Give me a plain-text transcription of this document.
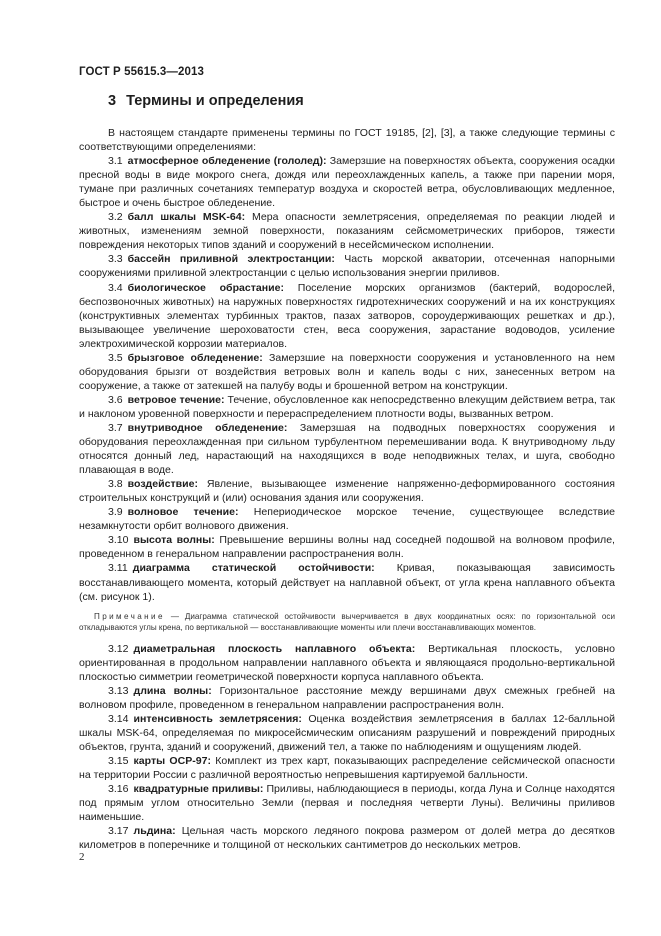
ГОСТ Р 55615.3—2013
3 Термины и определения

В настоящем стандарте применены термины по ГОСТ 19185, [2], [3], а также следующие термины с соответствующими определениями:

3.1 атмосферное обледенение (гололед): Замерзшие на поверхностях объекта, сооружения осадки пресной воды в виде мокрого снега, дождя или переохлажденных капель, а также при парении моря, тумане при различных сочетаниях температур воздуха и скоростей ветра, обусловливающих медленное, быстрое и очень быстрое обледенение.

3.2 балл шкалы MSK-64: Мера опасности землетрясения, определяемая по реакции людей и животных, изменениям земной поверхности, показаниям сейсмометрических приборов, тяжести повреждения некоторых типов зданий и сооружений в несейсмическом исполнении.

3.3 бассейн приливной электростанции: Часть морской акватории, отсеченная напорными сооружениями приливной электростанции с целью использования энергии приливов.

3.4 биологическое обрастание: Поселение морских организмов (бактерий, водорослей, беспозвоночных животных) на наружных поверхностях гидротехнических сооружений и на их конструкциях (конструктивных элементах турбинных трактов, пазах затворов, сороудерживающих решетках и др.), вызывающее увеличение шероховатости стен, веса сооружения, зарастание водоводов, усиление электрохимической коррозии материалов.

3.5 брызговое обледенение: Замерзшие на поверхности сооружения и установленного на нем оборудования брызги от воздействия ветровых волн и капель воды с них, занесенных ветром на сооружение, а также от затекшей на палубу воды и брошенной ветром на конструкции.

3.6 ветровое течение: Течение, обусловленное как непосредственно влекущим действием ветра, так и наклоном уровенной поверхности и перераспределением плотности воды, вызванных ветром.

3.7 внутриводное обледенение: Замерзшая на подводных поверхностях сооружения и оборудования переохлажденная при сильном турбулентном перемешивании вода. К внутриводному льду относятся донный лед, нарастающий на находящихся в воде неподвижных телах, и шуга, свободно плавающая в воде.

3.8 воздействие: Явление, вызывающее изменение напряженно-деформированного состояния строительных конструкций и (или) основания здания или сооружения.

3.9 волновое течение: Непериодическое морское течение, существующее вследствие незамкнутости орбит волнового движения.

3.10 высота волны: Превышение вершины волны над соседней подошвой на волновом профиле, проведенном в генеральном направлении распространения волн.

3.11 диаграмма статической остойчивости: Кривая, показывающая зависимость восстанавливающего момента, который действует на наплавной объект, от угла крена наплавного объекта (см. рисунок 1).

Примечание — Диаграмма статической остойчивости вычерчивается в двух координатных осях: по горизонтальной оси откладываются углы крена, по вертикальной — восстанавливающие моменты или плечи восстанавливающих моментов.

3.12 диаметральная плоскость наплавного объекта: Вертикальная плоскость, условно ориентированная в продольном направлении наплавного объекта и являющаяся продольно-вертикальной плоскостью симметрии геометрической поверхности корпуса наплавного объекта.

3.13 длина волны: Горизонтальное расстояние между вершинами двух смежных гребней на волновом профиле, проведенном в генеральном направлении распространения волн.

3.14 интенсивность землетрясения: Оценка воздействия землетрясения в баллах 12-балльной шкалы MSK-64, определяемая по микросейсмическим описаниям разрушений и повреждений природных объектов, грунта, зданий и сооружений, движений тел, а также по наблюдениям и ощущениям людей.

3.15 карты ОСР-97: Комплект из трех карт, показывающих распределение сейсмической опасности на территории России с различной вероятностью непревышения картируемой балльности.

3.16 квадратурные приливы: Приливы, наблюдающиеся в периоды, когда Луна и Солнце находятся под прямым углом относительно Земли (первая и последняя четверти Луны). Величины приливов наименьшие.

3.17 льдина: Цельная часть морского ледяного покрова размером от долей метра до десятков километров в поперечнике и толщиной от нескольких сантиметров до нескольких метров.

2
